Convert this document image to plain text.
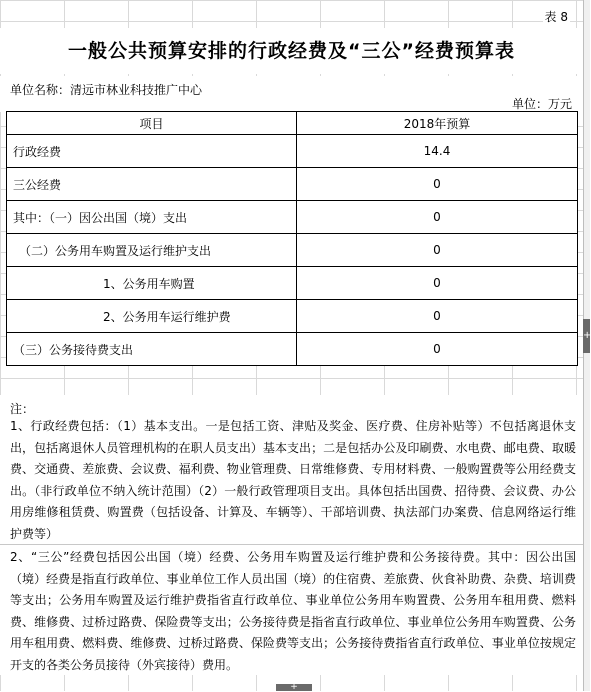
表 8
一般公共预算安排的行政经费及“三公”经费预算表
单位名称：清远市林业科技推广中心
单位：万元
项目	2018年预算
行政经费	14.4
三公经费	0
其中：（一）因公出国（境）支出	0
（二）公务用车购置及运行维护支出	0
1、公务用车购置	0
2、公务用车运行维护费	0
（三）公务接待费支出	0
注：
1、行政经费包括：（1）基本支出。一是包括工资、津贴及奖金、医疗费、住房补贴等）不包括离退休支出，包括离退休人员管理机构的在职人员支出）基本支出；二是包括办公及印刷费、水电费、邮电费、取暖费、交通费、差旅费、会议费、福利费、物业管理费、日常维修费、专用材料费、一般购置费等公用经费支出。（非行政单位不纳入统计范围）（2）一般行政管理项目支出。具体包括出国费、招待费、会议费、办公用房维修租赁费、购置费（包括设备、计算及、车辆等）、干部培训费、执法部门办案费、信息网络运行维护费等）
2、“三公”经费包括因公出国（境）经费、公务用车购置及运行维护费和公务接待费。其中：因公出国（境）经费是指直行政单位、事业单位工作人员出国（境）的住宿费、差旅费、伙食补助费、杂费、培训费等支出；公务用车购置及运行维护费指省直行政单位、事业单位公务用车购置费、公务用车租用费、燃料费、维修费、过桥过路费、保险费等支出；公务接待费是指省直行政单位、事业单位公务用车购置费、公务用车租用费、燃料费、维修费、过桥过路费、保险费等支出；公务接待费指省直行政单位、事业单位按规定开支的各类公务员接待（外宾接待）费用。
+
+
